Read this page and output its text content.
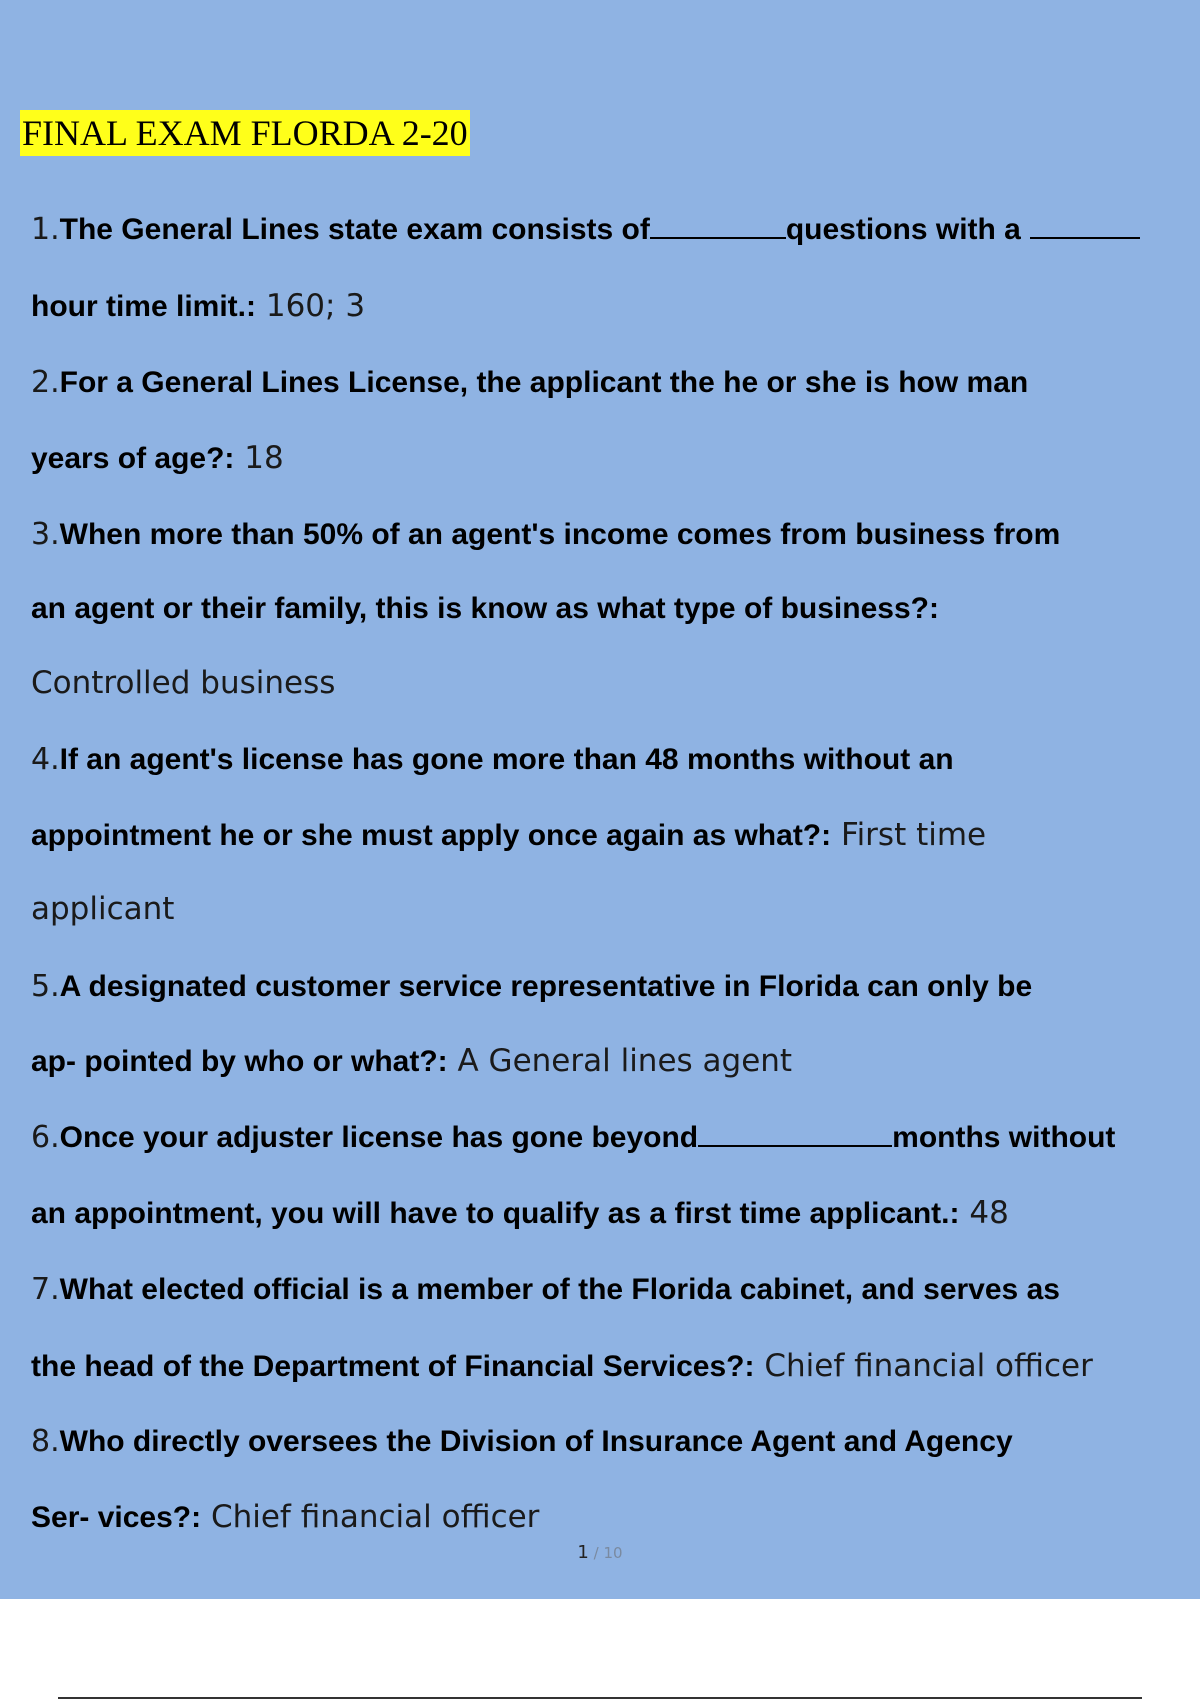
FINAL EXAM FLORDA 2-20
1.The General Lines state exam consists of	questions with a
hour time limit.: 160; 3
2.For a General Lines License, the applicant the he or she is how man
years of age?: 18
3.When more than 50% of an agent's income comes from business from
an agent or their family, this is know as what type of business?:
Controlled business
4.If an agent's license has gone more than 48 months without an
appointment he or she must apply once again as what?: First time
applicant
5.A designated customer service representative in Florida can only be
ap- pointed by who or what?: A General lines agent
6.Once your adjuster license has gone beyond	months without
an appointment, you will have to qualify as a first time applicant.: 48
7.What elected official is a member of the Florida cabinet, and serves as
the head of the Department of Financial Services?: Chief financial officer
8.Who directly oversees the Division of Insurance Agent and Agency
Ser- vices?: Chief financial officer
1 / 10
